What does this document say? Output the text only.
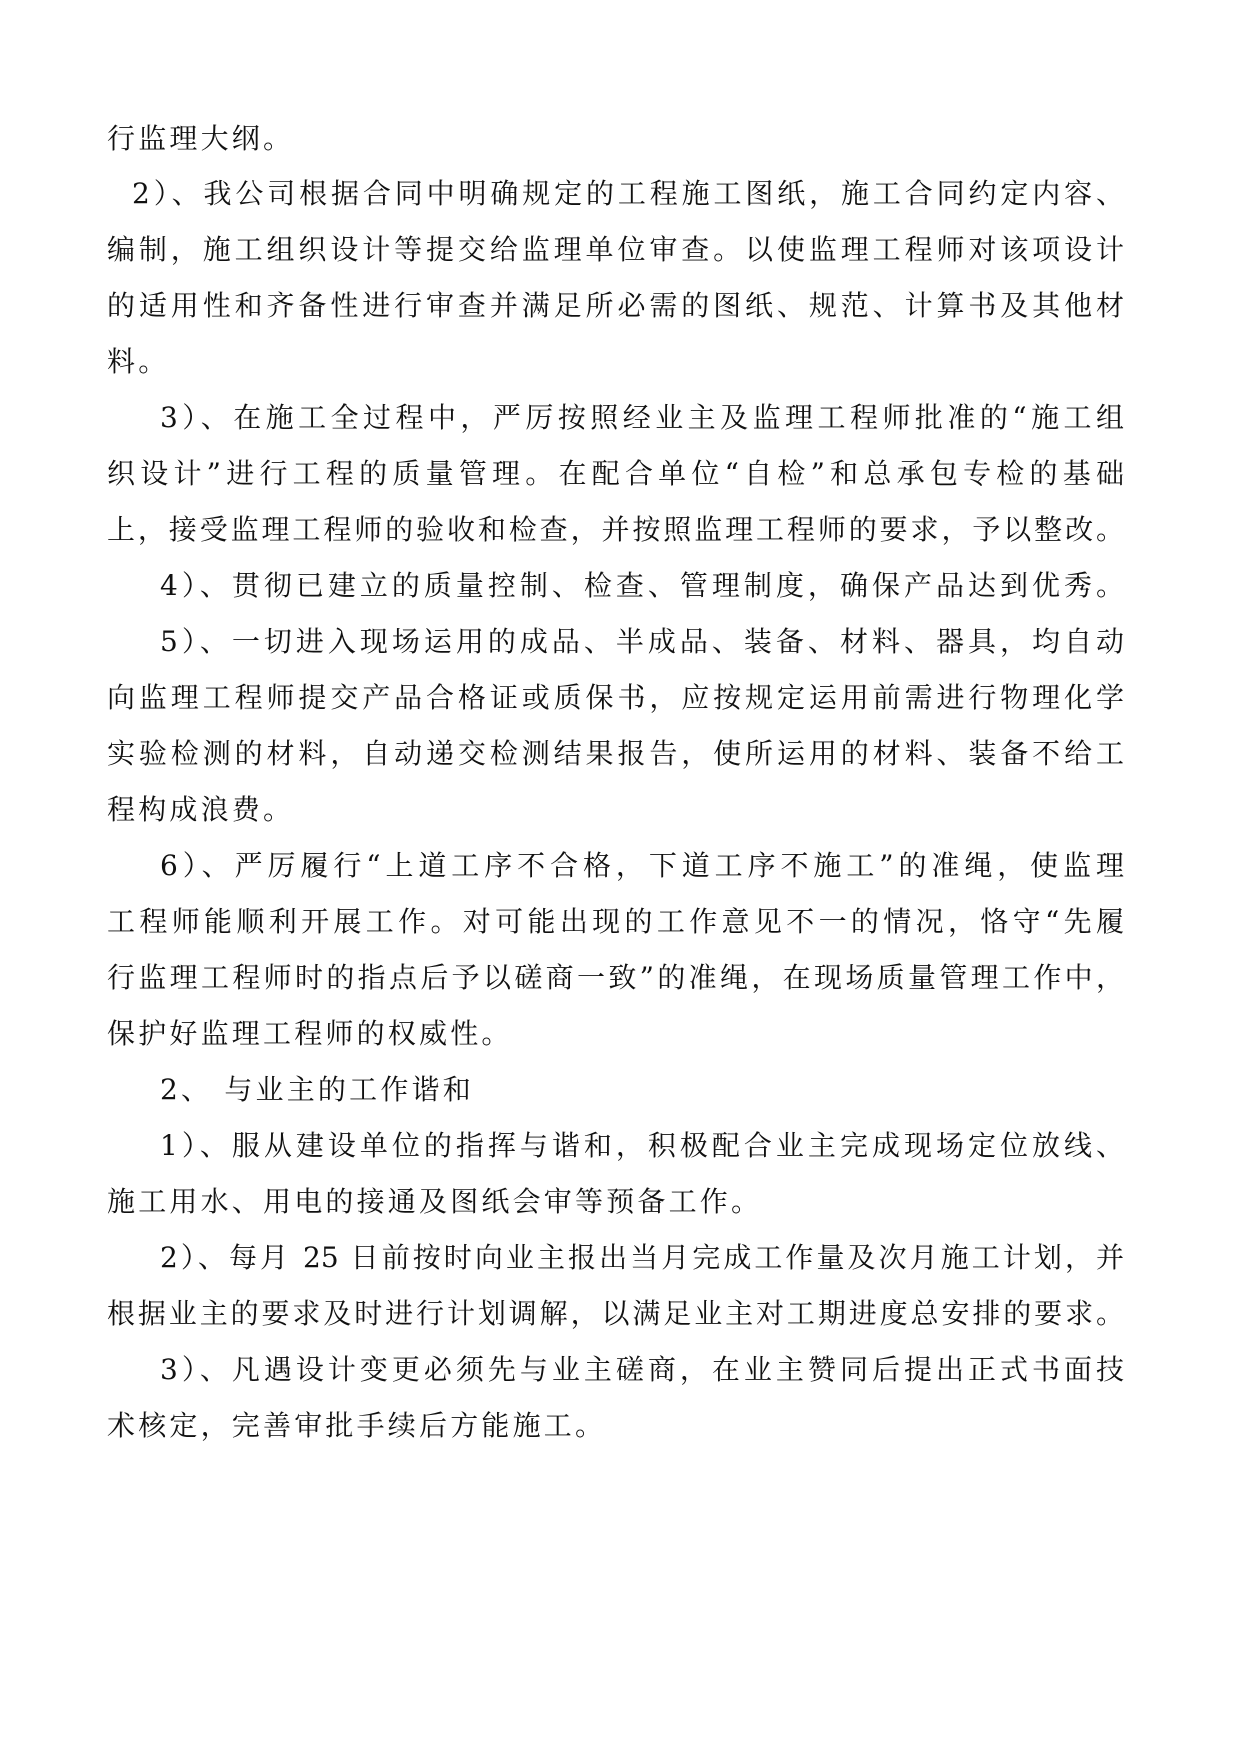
行监理大纲。
2）、我公司根据合同中明确规定的工程施工图纸，施工合同约定内容、
编制，施工组织设计等提交给监理单位审查。以使监理工程师对该项设计
的适用性和齐备性进行审查并满足所必需的图纸、规范、计算书及其他材
料。
3）、在施工全过程中，严厉按照经业主及监理工程师批准的“施工组
织设计”进行工程的质量管理。在配合单位“自检”和总承包专检的基础
上，接受监理工程师的验收和检查，并按照监理工程师的要求，予以整改。
4）、贯彻已建立的质量控制、检查、管理制度，确保产品达到优秀。
5）、一切进入现场运用的成品、半成品、装备、材料、器具，均自动
向监理工程师提交产品合格证或质保书，应按规定运用前需进行物理化学
实验检测的材料，自动递交检测结果报告，使所运用的材料、装备不给工
程构成浪费。
6）、严厉履行“上道工序不合格，下道工序不施工”的准绳，使监理
工程师能顺利开展工作。对可能出现的工作意见不一的情况，恪守“先履
行监理工程师时的指点后予以磋商一致”的准绳，在现场质量管理工作中，
保护好监理工程师的权威性。
2、 与业主的工作谐和
1）、服从建设单位的指挥与谐和，积极配合业主完成现场定位放线、
施工用水、用电的接通及图纸会审等预备工作。
2）、每月 25 日前按时向业主报出当月完成工作量及次月施工计划，并
根据业主的要求及时进行计划调解，以满足业主对工期进度总安排的要求。
3）、凡遇设计变更必须先与业主磋商，在业主赞同后提出正式书面技
术核定，完善审批手续后方能施工。
